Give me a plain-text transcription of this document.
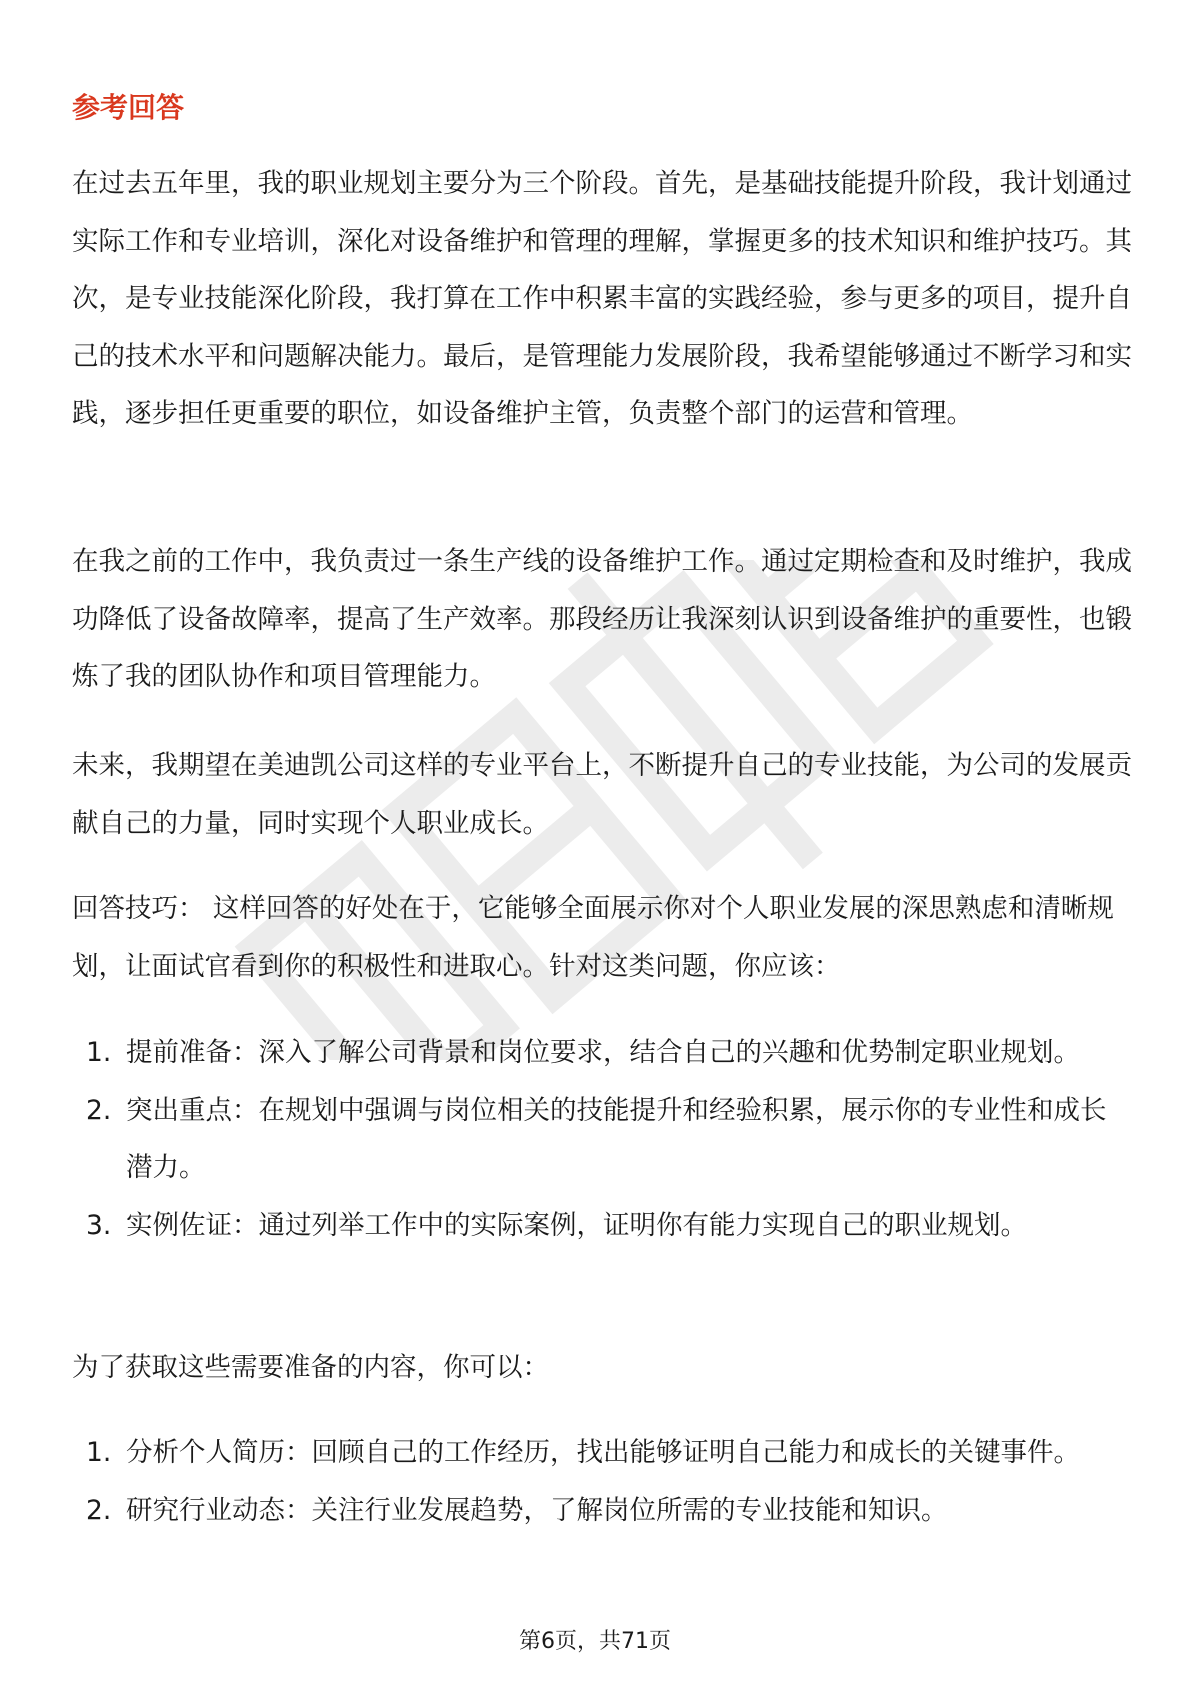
参考回答

在过去五年里，我的职业规划主要分为三个阶段。首先，是基础技能提升阶段，我计划通过实际工作和专业培训，深化对设备维护和管理的理解，掌握更多的技术知识和维护技巧。其次，是专业技能深化阶段，我打算在工作中积累丰富的实践经验，参与更多的项目，提升自己的技术水平和问题解决能力。最后，是管理能力发展阶段，我希望能够通过不断学习和实践，逐步担任更重要的职位，如设备维护主管，负责整个部门的运营和管理。

在我之前的工作中，我负责过一条生产线的设备维护工作。通过定期检查和及时维护，我成功降低了设备故障率，提高了生产效率。那段经历让我深刻认识到设备维护的重要性，也锻炼了我的团队协作和项目管理能力。

未来，我期望在美迪凯公司这样的专业平台上，不断提升自己的专业技能，为公司的发展贡献自己的力量，同时实现个人职业成长。

回答技巧： 这样回答的好处在于，它能够全面展示你对个人职业发展的深思熟虑和清晰规划，让面试官看到你的积极性和进取心。针对这类问题，你应该：

1. 提前准备：深入了解公司背景和岗位要求，结合自己的兴趣和优势制定职业规划。
2. 突出重点：在规划中强调与岗位相关的技能提升和经验积累，展示你的专业性和成长潜力。
3. 实例佐证：通过列举工作中的实际案例，证明你有能力实现自己的职业规划。

为了获取这些需要准备的内容，你可以：

1. 分析个人简历：回顾自己的工作经历，找出能够证明自己能力和成长的关键事件。
2. 研究行业动态：关注行业发展趋势，了解岗位所需的专业技能和知识。
第6页，共71页
